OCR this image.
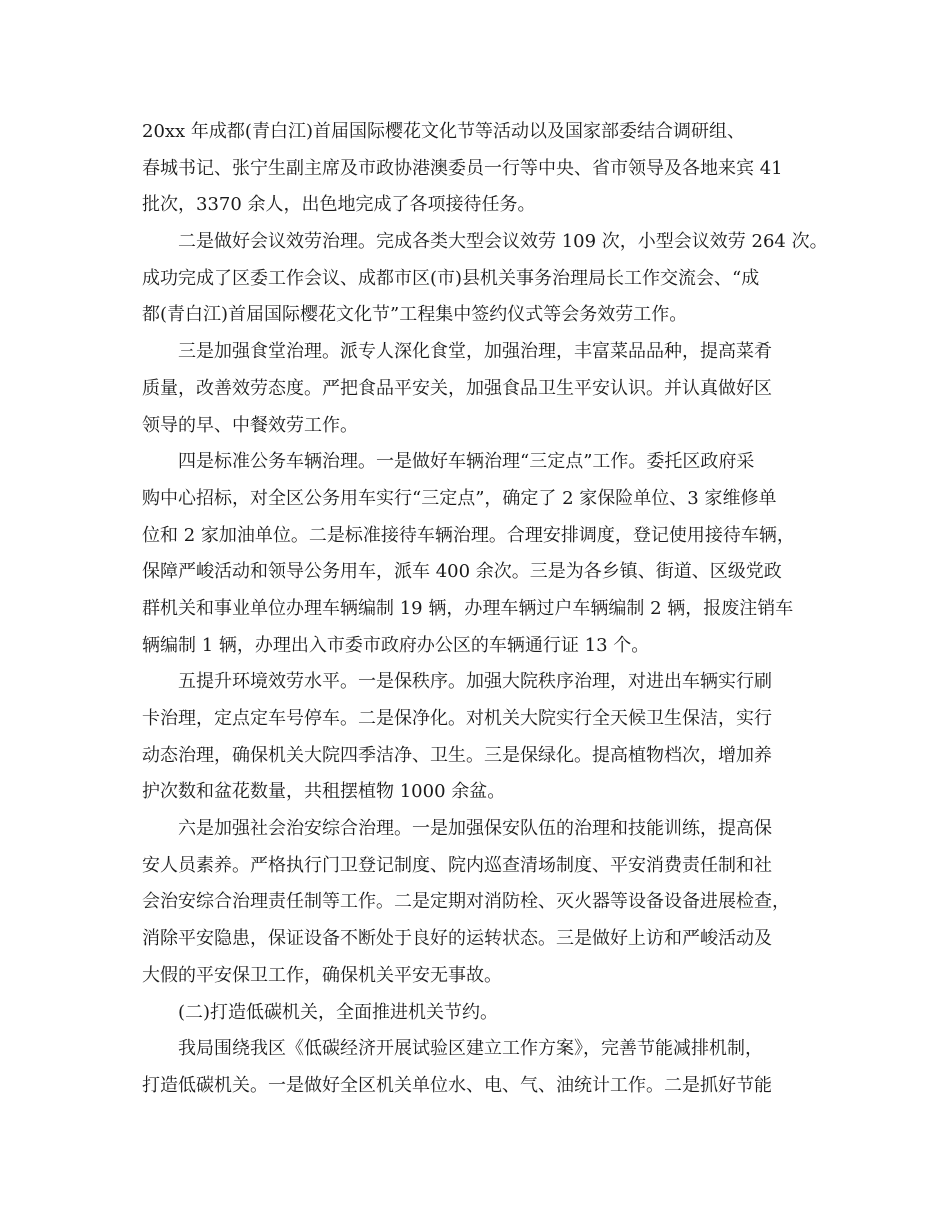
20xx 年成都(青白江)首届国际樱花文化节等活动以及国家部委结合调研组、
春城书记、张宁生副主席及市政协港澳委员一行等中央、省市领导及各地来宾 41
批次，3370 余人，出色地完成了各项接待任务。
二是做好会议效劳治理。完成各类大型会议效劳 109 次，小型会议效劳 264 次。
成功完成了区委工作会议、成都市区(市)县机关事务治理局长工作交流会、“成
都(青白江)首届国际樱花文化节”工程集中签约仪式等会务效劳工作。
三是加强食堂治理。派专人深化食堂，加强治理，丰富菜品品种，提高菜肴
质量，改善效劳态度。严把食品平安关，加强食品卫生平安认识。并认真做好区
领导的早、中餐效劳工作。
四是标准公务车辆治理。一是做好车辆治理“三定点”工作。委托区政府采
购中心招标，对全区公务用车实行“三定点”，确定了 2 家保险单位、3 家维修单
位和 2 家加油单位。二是标准接待车辆治理。合理安排调度，登记使用接待车辆，
保障严峻活动和领导公务用车，派车 400 余次。三是为各乡镇、街道、区级党政
群机关和事业单位办理车辆编制 19 辆，办理车辆过户车辆编制 2 辆，报废注销车
辆编制 1 辆，办理出入市委市政府办公区的车辆通行证 13 个。
五提升环境效劳水平。一是保秩序。加强大院秩序治理，对进出车辆实行刷
卡治理，定点定车号停车。二是保净化。对机关大院实行全天候卫生保洁，实行
动态治理，确保机关大院四季洁净、卫生。三是保绿化。提高植物档次，增加养
护次数和盆花数量，共租摆植物 1000 余盆。
六是加强社会治安综合治理。一是加强保安队伍的治理和技能训练，提高保
安人员素养。严格执行门卫登记制度、院内巡查清场制度、平安消费责任制和社
会治安综合治理责任制等工作。二是定期对消防栓、灭火器等设备设备进展检查，
消除平安隐患，保证设备不断处于良好的运转状态。三是做好上访和严峻活动及
大假的平安保卫工作，确保机关平安无事故。
(二)打造低碳机关，全面推进机关节约。
我局围绕我区《低碳经济开展试验区建立工作方案》，完善节能减排机制，
打造低碳机关。一是做好全区机关单位水、电、气、油统计工作。二是抓好节能
